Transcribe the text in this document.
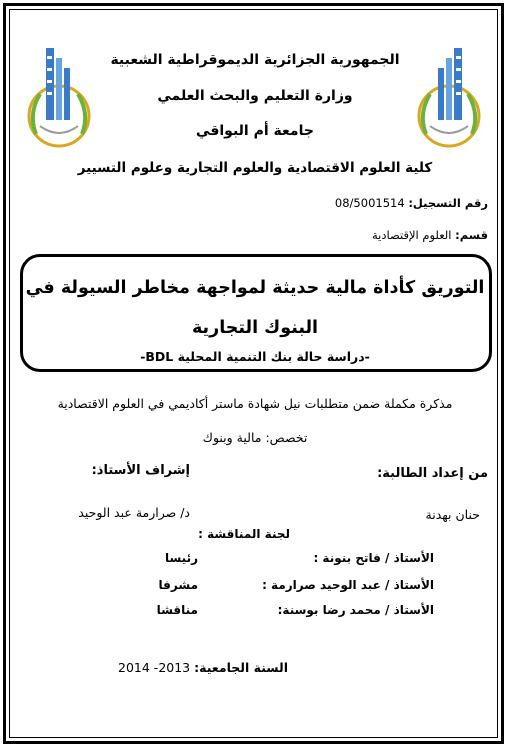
الجمهورية الجزائرية الديموقراطية الشعبية
وزارة التعليم والبحث العلمي
جامعة أم البواقي
كلية العلوم الاقتصادية والعلوم التجارية وعلوم التسيير
رقم التسجيل: 08/5001514
قسم: العلوم الإقتصادية
التوريق كأداة مالية حديثة لمواجهة مخاطر السيولة في
البنوك التجارية
-دراسة حالة بنك التنمية المحلية BDL-
مذكرة مكملة ضمن متطلبات نيل شهادة ماستر أكاديمي في العلوم الاقتصادية
تخصص: مالية وبنوك
من إعداد الطالبة:
إشراف الأستاذ:
حنان بهدنة
د/ صرارمة عبد الوحيد
لجنة المناقشة :
الأستاذ / فاتح بنونة :
رئيسا
الأستاذ / عبد الوحيد صرارمة :
مشرفا
الأستاذ / محمد رضا بوسنة:
مناقشا
السنة الجامعية: 2013- 2014
